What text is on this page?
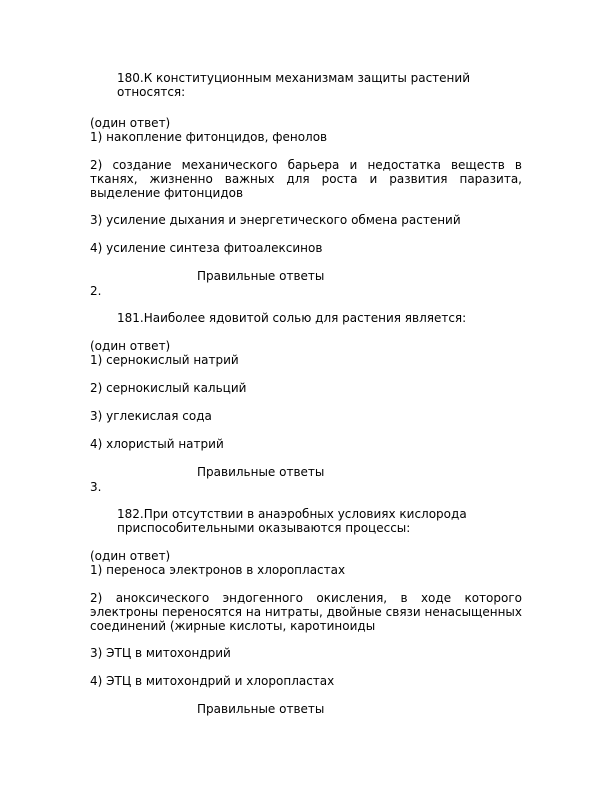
180.К конституционным механизмам защиты растений относятся:

(один ответ)
1) накопление фитонцидов, фенолов

2) создание механического барьера и недостатка веществ в тканях, жизненно важных для роста и развития паразита, выделение фитонцидов

3) усиление дыхания и энергетического обмена растений
4) усиление синтеза фитоалексинов
Правильные ответы
2.
181.Наиболее ядовитой солью для растения является:
(один ответ)
1) сернокислый натрий
2) сернокислый кальций
3) углекислая сода
4) хлористый натрий
Правильные ответы
3.

182.При отсутствии в анаэробных условиях кислорода приспособительными оказываются процессы:

(один ответ)
1) переноса электронов в хлоропластах

2) аноксического эндогенного окисления, в ходе которого электроны переносятся на нитраты, двойные связи ненасыщенных соединений (жирные кислоты, каротиноиды

3) ЭТЦ в митохондрий
4) ЭТЦ в митохондрий и хлоропластах
Правильные ответы
